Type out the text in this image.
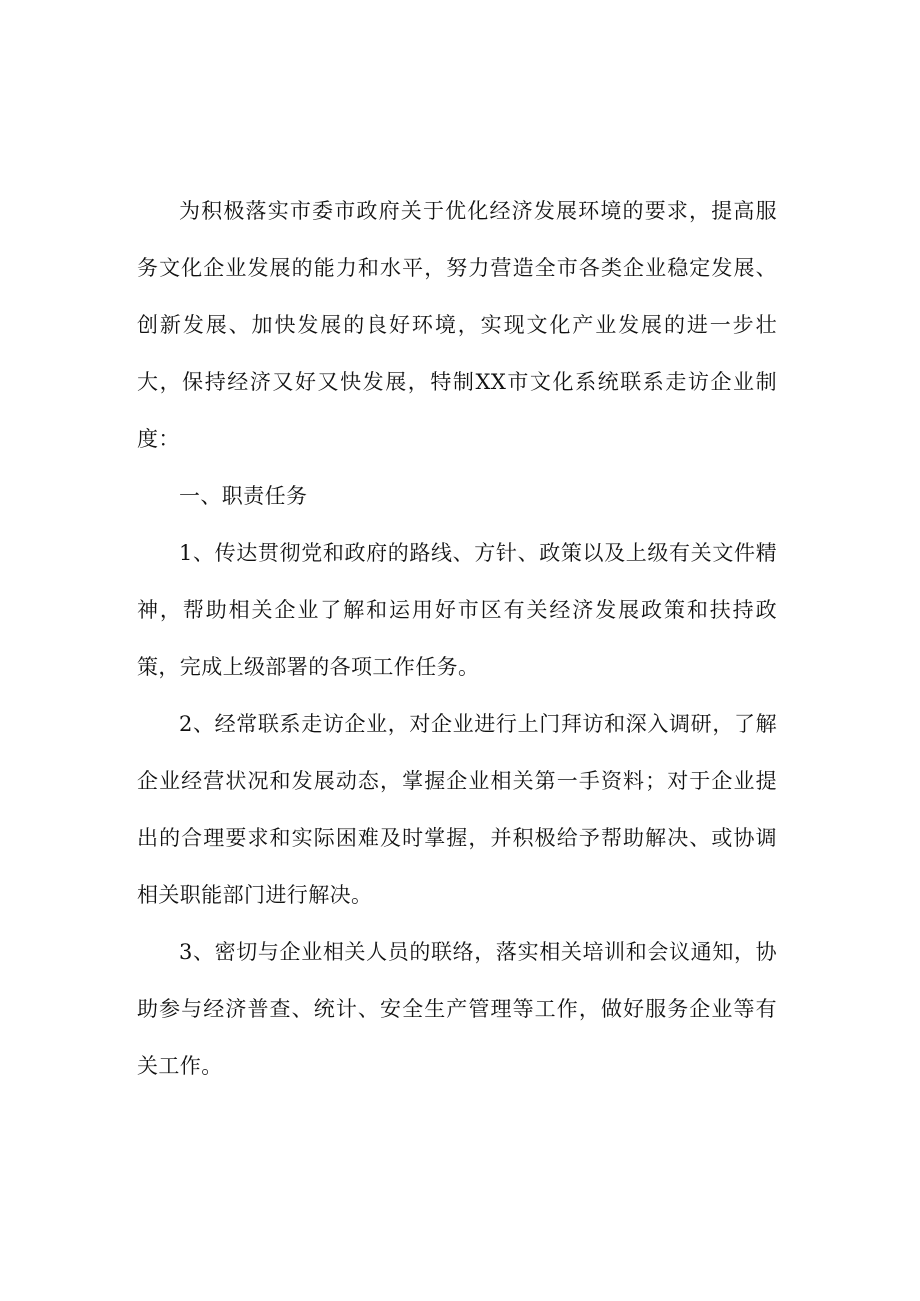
为积极落实市委市政府关于优化经济发展环境的要求，提高服务文化企业发展的能力和水平，努力营造全市各类企业稳定发展、创新发展、加快发展的良好环境，实现文化产业发展的进一步壮大，保持经济又好又快发展，特制XX市文化系统联系走访企业制度：

一、职责任务

1、传达贯彻党和政府的路线、方针、政策以及上级有关文件精神，帮助相关企业了解和运用好市区有关经济发展政策和扶持政策，完成上级部署的各项工作任务。

2、经常联系走访企业，对企业进行上门拜访和深入调研，了解企业经营状况和发展动态，掌握企业相关第一手资料；对于企业提出的合理要求和实际困难及时掌握，并积极给予帮助解决、或协调相关职能部门进行解决。

3、密切与企业相关人员的联络，落实相关培训和会议通知，协助参与经济普查、统计、安全生产管理等工作，做好服务企业等有关工作。
